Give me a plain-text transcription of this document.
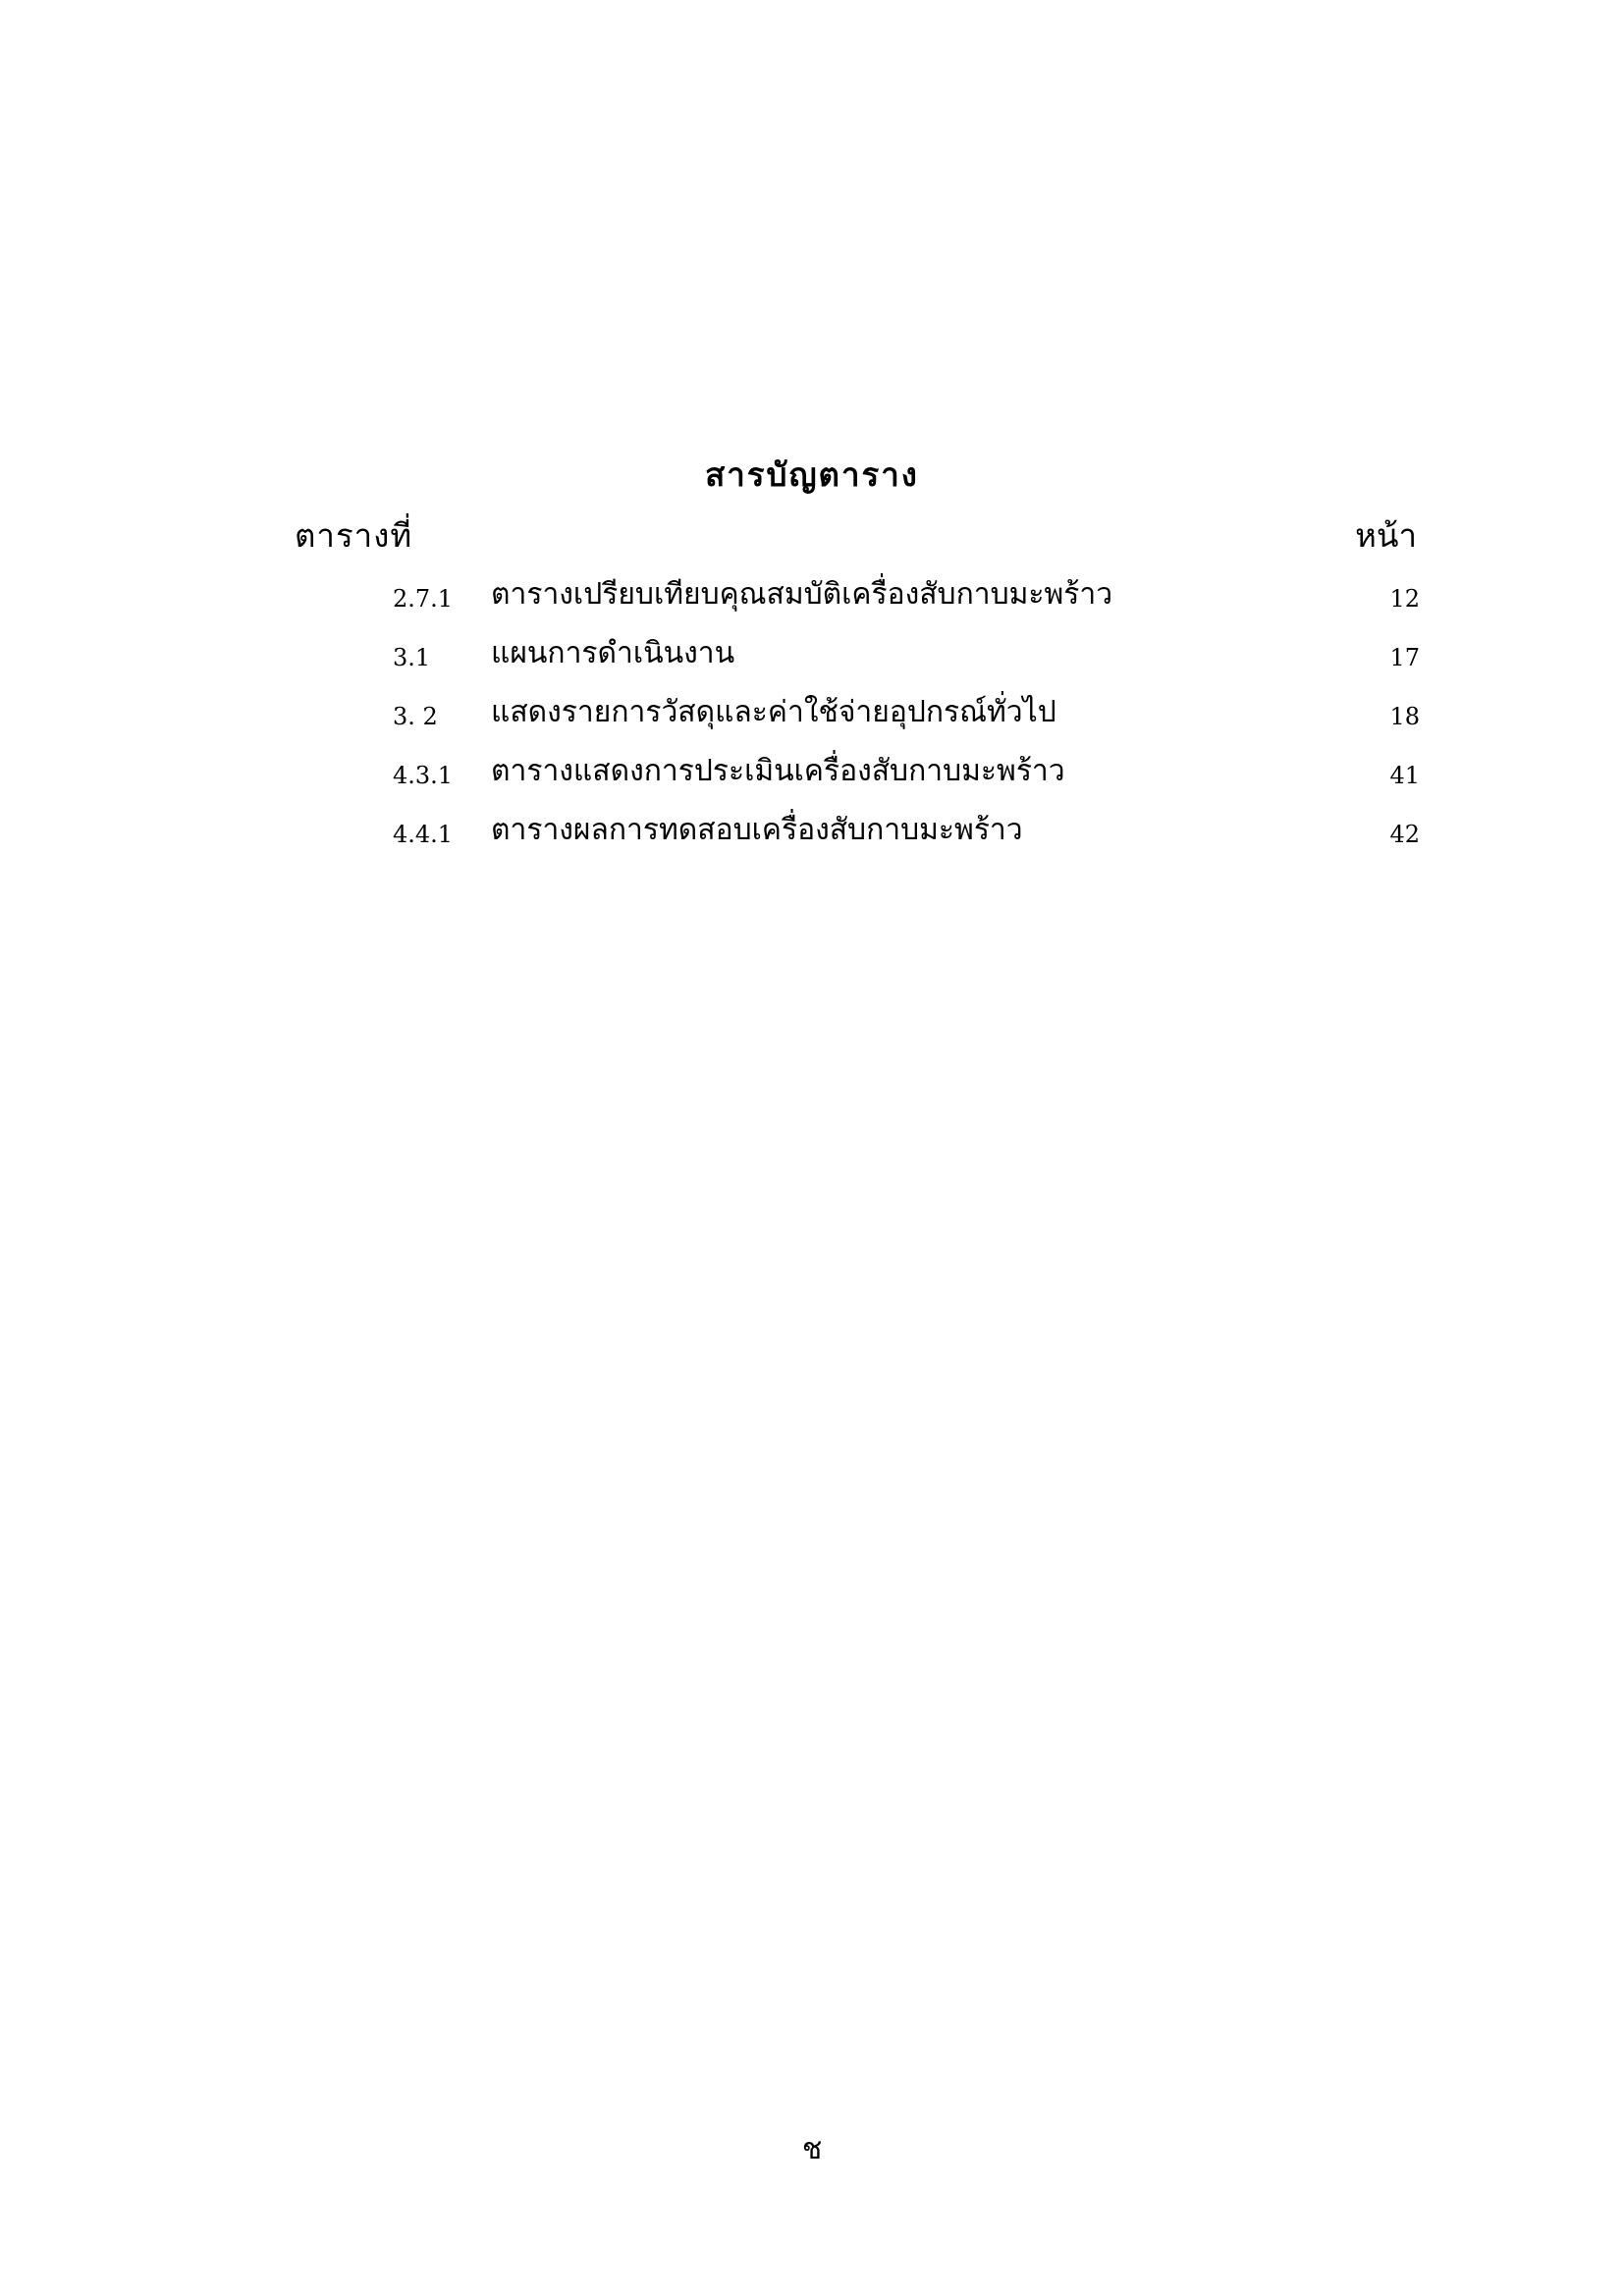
สารบัญตาราง
ตารางที่	หน้า
2.7.1 ตารางเปรียบเทียบคุณสมบัติเครื่องสับกาบมะพร้าว	12
3.1 แผนการดำเนินงาน	17
3. 2 แสดงรายการวัสดุและค่าใช้จ่ายอุปกรณ์ทั่วไป	18
4.3.1 ตารางแสดงการประเมินเครื่องสับกาบมะพร้าว	41
4.4.1 ตารางผลการทดสอบเครื่องสับกาบมะพร้าว	42
ช
